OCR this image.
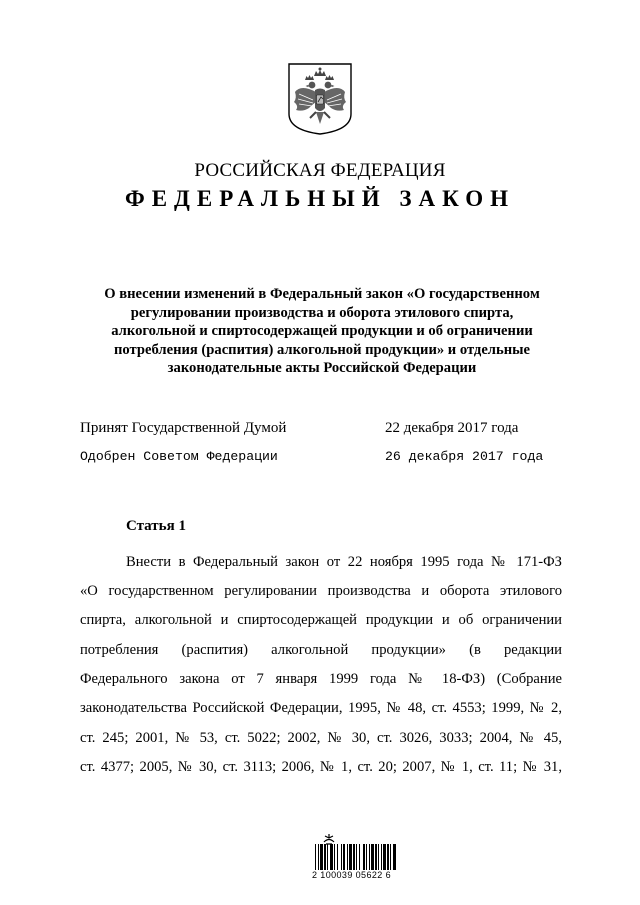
РОССИЙСКАЯ ФЕДЕРАЦИЯ
ФЕДЕРАЛЬНЫЙ ЗАКОН
О внесении изменений в Федеральный закон «О государственном
регулировании производства и оборота этилового спирта,
алкогольной и спиртосодержащей продукции и об ограничении
потребления (распития) алкогольной продукции» и отдельные
законодательные акты Российской Федерации
Принят Государственной Думой	22 декабря 2017 года
Одобрен Советом Федерации	26 декабря 2017 года
Статья 1
Внести в Федеральный закон от 22 ноября 1995 года № 171-ФЗ
«О государственном регулировании производства и оборота этилового
спирта, алкогольной и спиртосодержащей продукции и об ограничении
потребления (распития) алкогольной продукции» (в редакции
Федерального закона от 7 января 1999 года № 18-ФЗ) (Собрание
законодательства Российской Федерации, 1995, № 48, ст. 4553; 1999, № 2,
ст. 245; 2001, № 53, ст. 5022; 2002, № 30, ст. 3026, 3033; 2004, № 45,
ст. 4377; 2005, № 30, ст. 3113; 2006, № 1, ст. 20; 2007, № 1, ст. 11; № 31,
2 100039 05622 6
